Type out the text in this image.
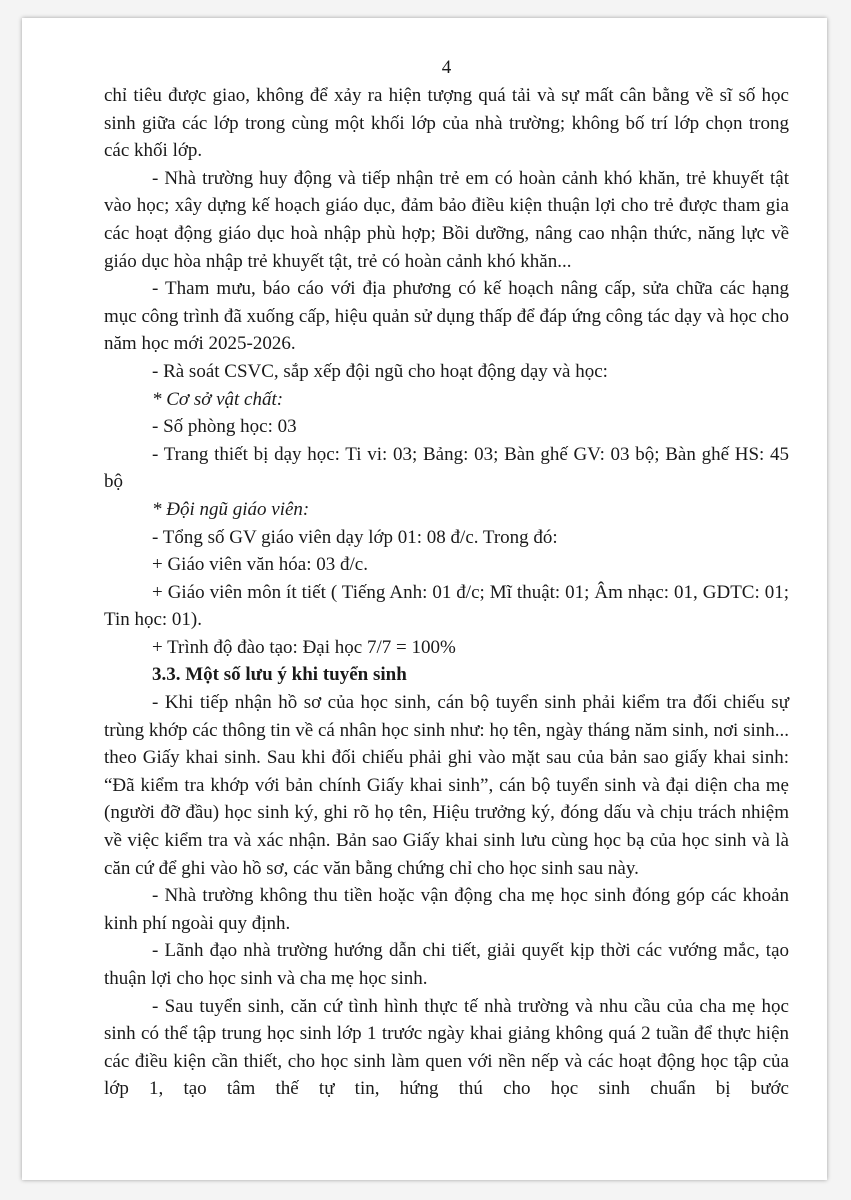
4

chỉ tiêu được giao, không để xảy ra hiện tượng quá tải và sự mất cân bằng về sĩ số học sinh giữa các lớp trong cùng một khối lớp của nhà trường; không bố trí lớp chọn trong các khối lớp.

- Nhà trường huy động và tiếp nhận trẻ em có hoàn cảnh khó khăn, trẻ khuyết tật vào học; xây dựng kế hoạch giáo dục, đảm bảo điều kiện thuận lợi cho trẻ được tham gia các hoạt động giáo dục hoà nhập phù hợp; Bồi dưỡng, nâng cao nhận thức, năng lực về giáo dục hòa nhập trẻ khuyết tật, trẻ có hoàn cảnh khó khăn...

- Tham mưu, báo cáo với địa phương có kế hoạch nâng cấp, sửa chữa các hạng mục công trình đã xuống cấp, hiệu quản sử dụng thấp để đáp ứng công tác dạy và học cho năm học mới 2025-2026.

- Rà soát CSVC, sắp xếp đội ngũ cho hoạt động dạy và học:

* Cơ sở vật chất:

- Số phòng học: 03

- Trang thiết bị dạy học: Ti vi: 03; Bảng: 03; Bàn ghế GV: 03 bộ; Bàn ghế HS: 45 bộ

* Đội ngũ giáo viên:

- Tổng số GV giáo viên dạy lớp 01: 08 đ/c. Trong đó:

+ Giáo viên văn hóa: 03 đ/c.

+ Giáo viên môn ít tiết ( Tiếng Anh: 01 đ/c; Mĩ thuật: 01; Âm nhạc: 01, GDTC: 01; Tin học: 01).

+ Trình độ đào tạo: Đại học 7/7 = 100%

3.3. Một số lưu ý khi tuyển sinh

- Khi tiếp nhận hồ sơ của học sinh, cán bộ tuyển sinh phải kiểm tra đối chiếu sự trùng khớp các thông tin về cá nhân học sinh như: họ tên, ngày tháng năm sinh, nơi sinh... theo Giấy khai sinh. Sau khi đối chiếu phải ghi vào mặt sau của bản sao giấy khai sinh: “Đã kiểm tra khớp với bản chính Giấy khai sinh”, cán bộ tuyển sinh và đại diện cha mẹ (người đỡ đầu) học sinh ký, ghi rõ họ tên, Hiệu trưởng ký, đóng dấu và chịu trách nhiệm về việc kiểm tra và xác nhận. Bản sao Giấy khai sinh lưu cùng học bạ của học sinh và là căn cứ để ghi vào hồ sơ, các văn bằng chứng chỉ cho học sinh sau này.

- Nhà trường không thu tiền hoặc vận động cha mẹ học sinh đóng góp các khoản kinh phí ngoài quy định.

- Lãnh đạo nhà trường hướng dẫn chi tiết, giải quyết kịp thời các vướng mắc, tạo thuận lợi cho học sinh và cha mẹ học sinh.

- Sau tuyển sinh, căn cứ tình hình thực tế nhà trường và nhu cầu của cha mẹ học sinh có thể tập trung học sinh lớp 1 trước ngày khai giảng không quá 2 tuần để thực hiện các điều kiện cần thiết, cho học sinh làm quen với nền nếp và các hoạt động học tập của lớp 1, tạo tâm thế tự tin, hứng thú cho học sinh chuẩn bị bước
